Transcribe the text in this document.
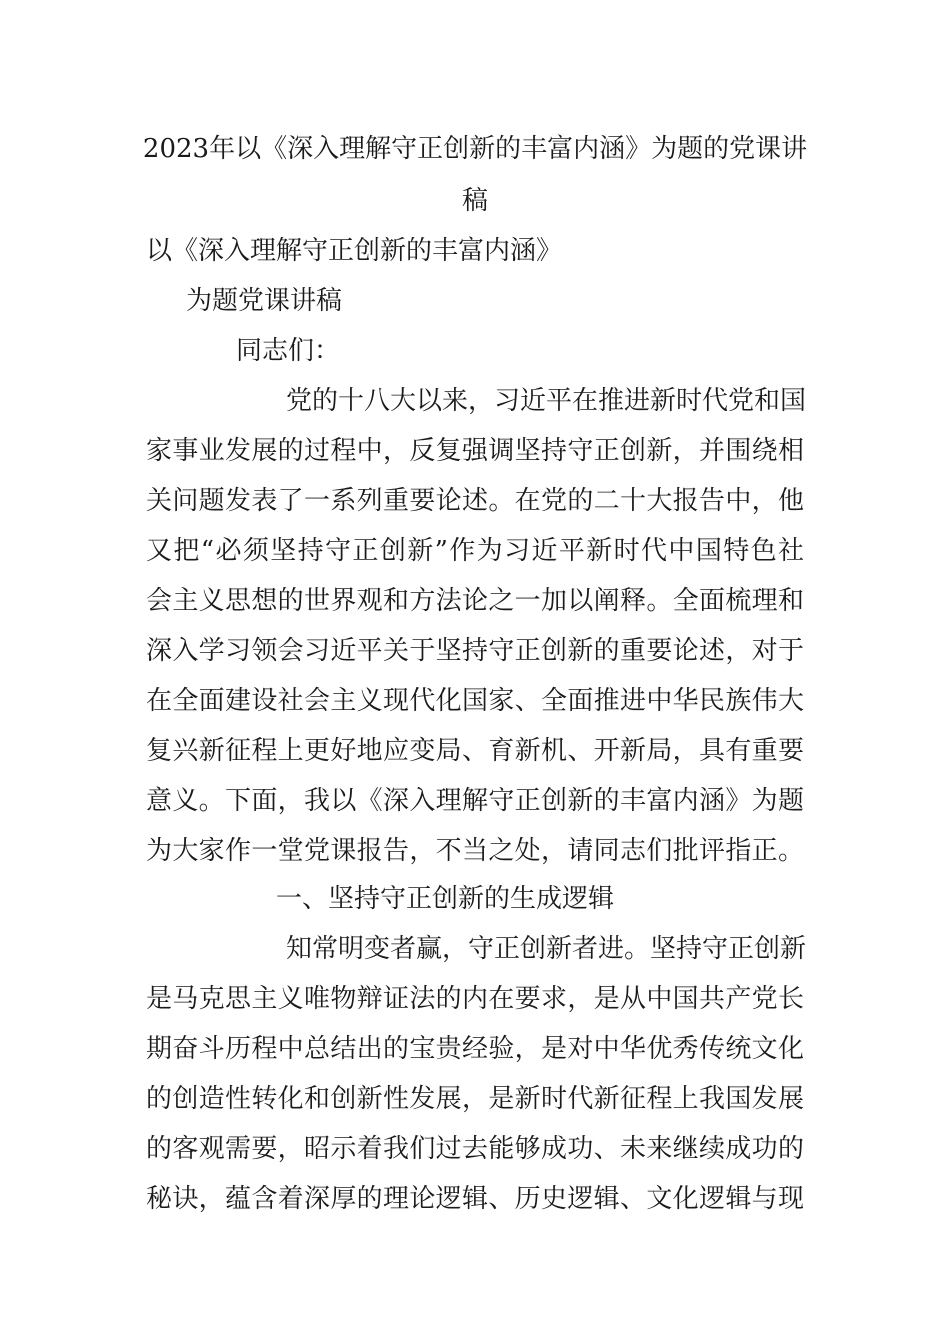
2023年以《深入理解守正创新的丰富内涵》为题的党课讲
稿
以《深入理解守正创新的丰富内涵》
为题党课讲稿
同志们：
党的十八大以来，习近平在推进新时代党和国
家事业发展的过程中，反复强调坚持守正创新，并围绕相
关问题发表了一系列重要论述。在党的二十大报告中，他
又把“必须坚持守正创新”作为习近平新时代中国特色社
会主义思想的世界观和方法论之一加以阐释。全面梳理和
深入学习领会习近平关于坚持守正创新的重要论述，对于
在全面建设社会主义现代化国家、全面推进中华民族伟大
复兴新征程上更好地应变局、育新机、开新局，具有重要
意义。下面，我以《深入理解守正创新的丰富内涵》为题
为大家作一堂党课报告，不当之处，请同志们批评指正。
一、坚持守正创新的生成逻辑
知常明变者赢，守正创新者进。坚持守正创新
是马克思主义唯物辩证法的内在要求，是从中国共产党长
期奋斗历程中总结出的宝贵经验，是对中华优秀传统文化
的创造性转化和创新性发展，是新时代新征程上我国发展
的客观需要，昭示着我们过去能够成功、未来继续成功的
秘诀，蕴含着深厚的理论逻辑、历史逻辑、文化逻辑与现
